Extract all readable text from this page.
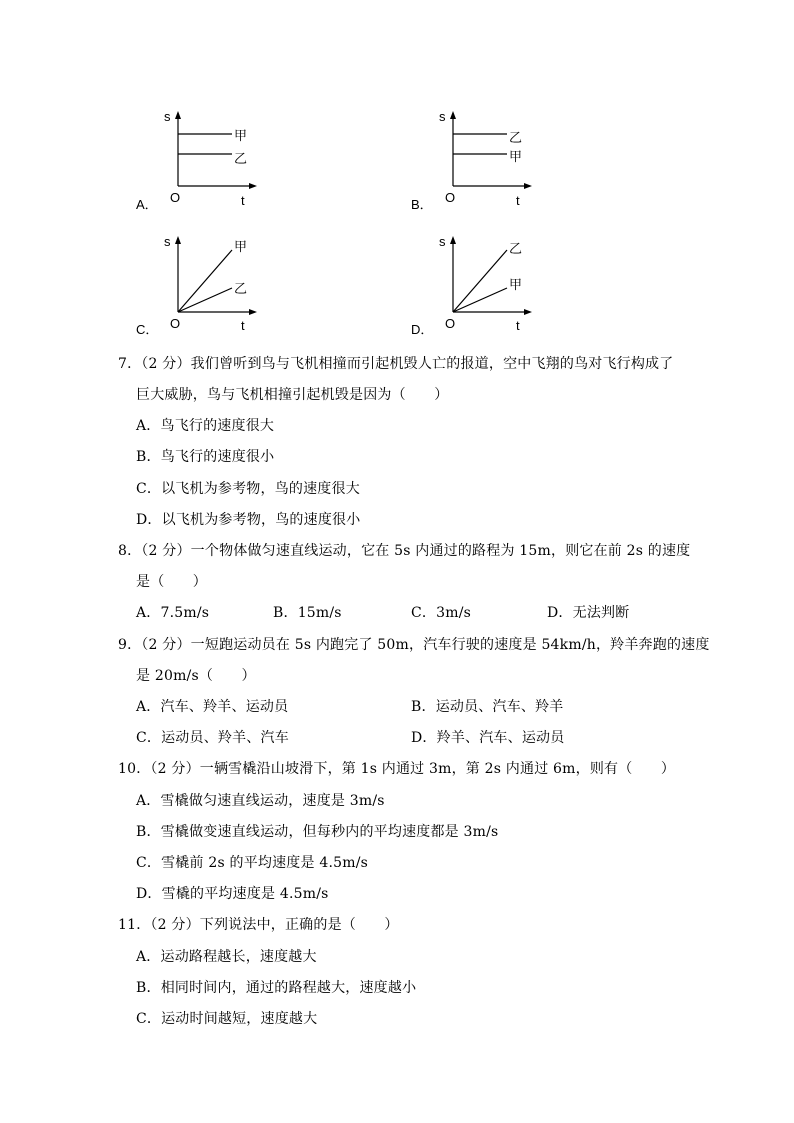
A．
s
O	t
甲
乙
B．
s
O	t
乙
甲
C．
s
O	t
甲
乙
D．
s
O	t
乙
甲
7．（2 分）我们曾听到鸟与飞机相撞而引起机毁人亡的报道，空中飞翔的鸟对飞行构成了
巨大威胁，鸟与飞机相撞引起机毁是因为（　　）
A．鸟飞行的速度很大
B．鸟飞行的速度很小
C．以飞机为参考物，鸟的速度很大
D．以飞机为参考物，鸟的速度很小
8．（2 分）一个物体做匀速直线运动，它在 5s 内通过的路程为 15m，则它在前 2s 的速度
是（　　）
A．7.5m/s	B．15m/s	C．3m/s	D．无法判断
9．（2 分）一短跑运动员在 5s 内跑完了 50m，汽车行驶的速度是 54km/h，羚羊奔跑的速度
是 20m/s（　　）
A．汽车、羚羊、运动员	B．运动员、汽车、羚羊
C．运动员、羚羊、汽车	D．羚羊、汽车、运动员
10．（2 分）一辆雪橇沿山坡滑下，第 1s 内通过 3m，第 2s 内通过 6m，则有（　　）
A．雪橇做匀速直线运动，速度是 3m/s
B．雪橇做变速直线运动，但每秒内的平均速度都是 3m/s
C．雪橇前 2s 的平均速度是 4.5m/s
D．雪橇的平均速度是 4.5m/s
11．（2 分）下列说法中，正确的是（　　）
A．运动路程越长，速度越大
B．相同时间内，通过的路程越大，速度越小
C．运动时间越短，速度越大
